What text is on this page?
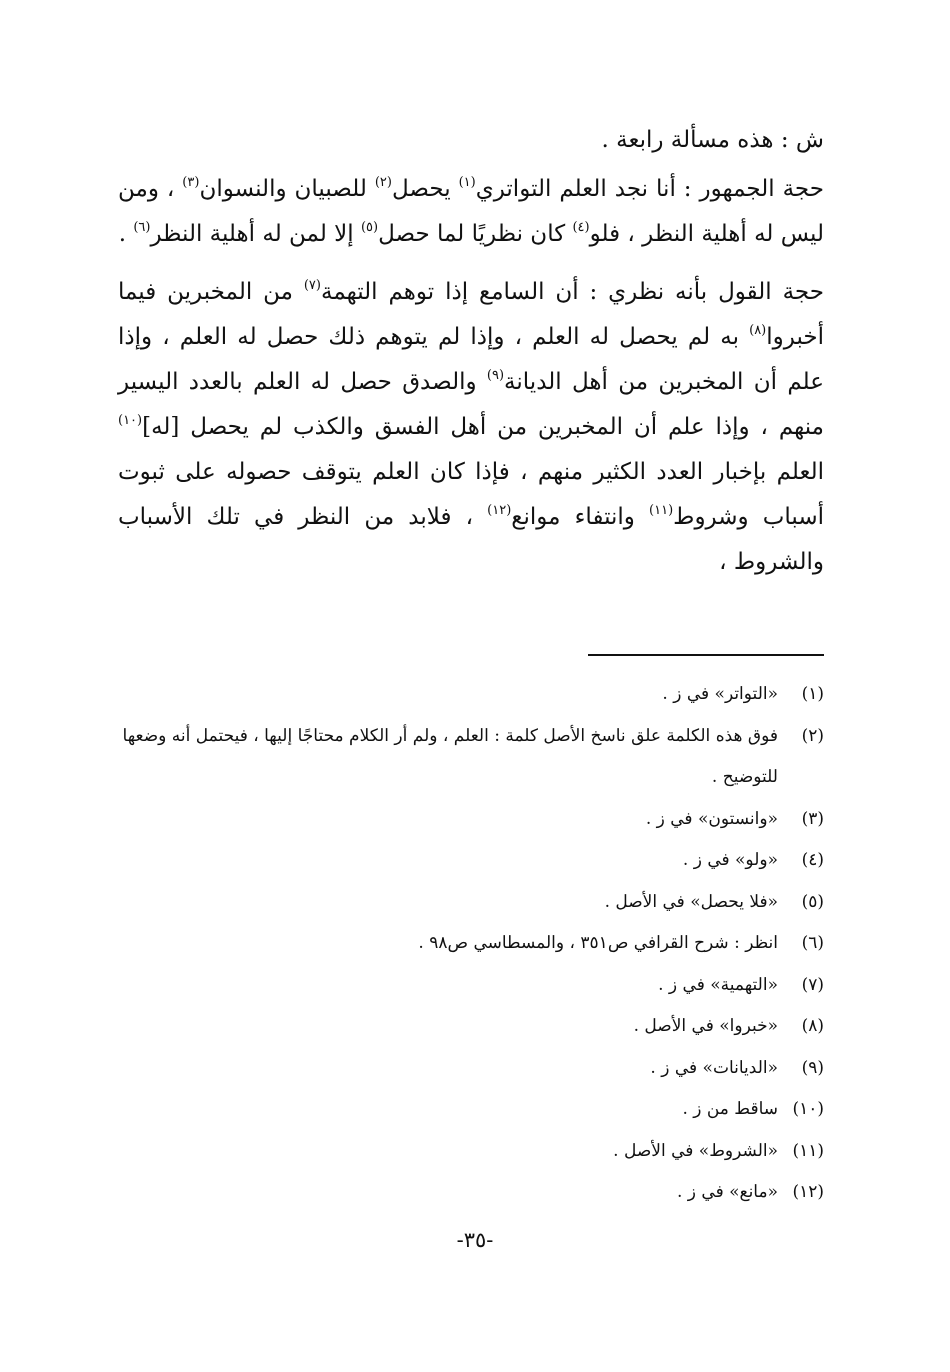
ش : هذه مسألة رابعة .

حجة الجمهور : أنا نجد العلم التواتري$^{(١)}$ يحصل$^{(٢)}$ للصبيان والنسوان$^{(٣)}$ ، ومن ليس له أهلية النظر ، فلو$^{(٤)}$ كان نظريًا لما حصل$^{(٥)}$ إلا لمن له أهلية النظر$^{(٦)}$ .

حجة القول بأنه نظري : أن السامع إذا توهم التهمة$^{(٧)}$ من المخبرين فيما أخبروا$^{(٨)}$ به لم يحصل له العلم ، وإذا لم يتوهم ذلك حصل له العلم ، وإذا علم أن المخبرين من أهل الديانة$^{(٩)}$ والصدق حصل له العلم بالعدد اليسير منهم ، وإذا علم أن المخبرين من أهل الفسق والكذب لم يحصل [له]$^{(١٠)}$ العلم بإخبار العدد الكثير منهم ، فإذا كان العلم يتوقف حصوله على ثبوت أسباب وشروط$^{(١١)}$ وانتفاء موانع$^{(١٢)}$ ، فلابد من النظر في تلك الأسباب والشروط ،

(١)
«التواتر» في ز .
(٢)
فوق هذه الكلمة علق ناسخ الأصل كلمة : العلم ، ولم أر الكلام محتاجًا إليها ، فيحتمل أنه وضعها للتوضيح .
(٣)
«وانستون» في ز .
(٤)
«ولو» في ز .
(٥)
«فلا يحصل» في الأصل .
(٦)
انظر : شرح القرافي ص٣٥١ ، والمسطاسي ص٩٨ .
(٧)
«التهمية» في ز .
(٨)
«خبروا» في الأصل .
(٩)
«الديانات» في ز .
(١٠)
ساقط من ز .
(١١)
«الشروط» في الأصل .
(١٢)
«مانع» في ز .
-٣٥-
